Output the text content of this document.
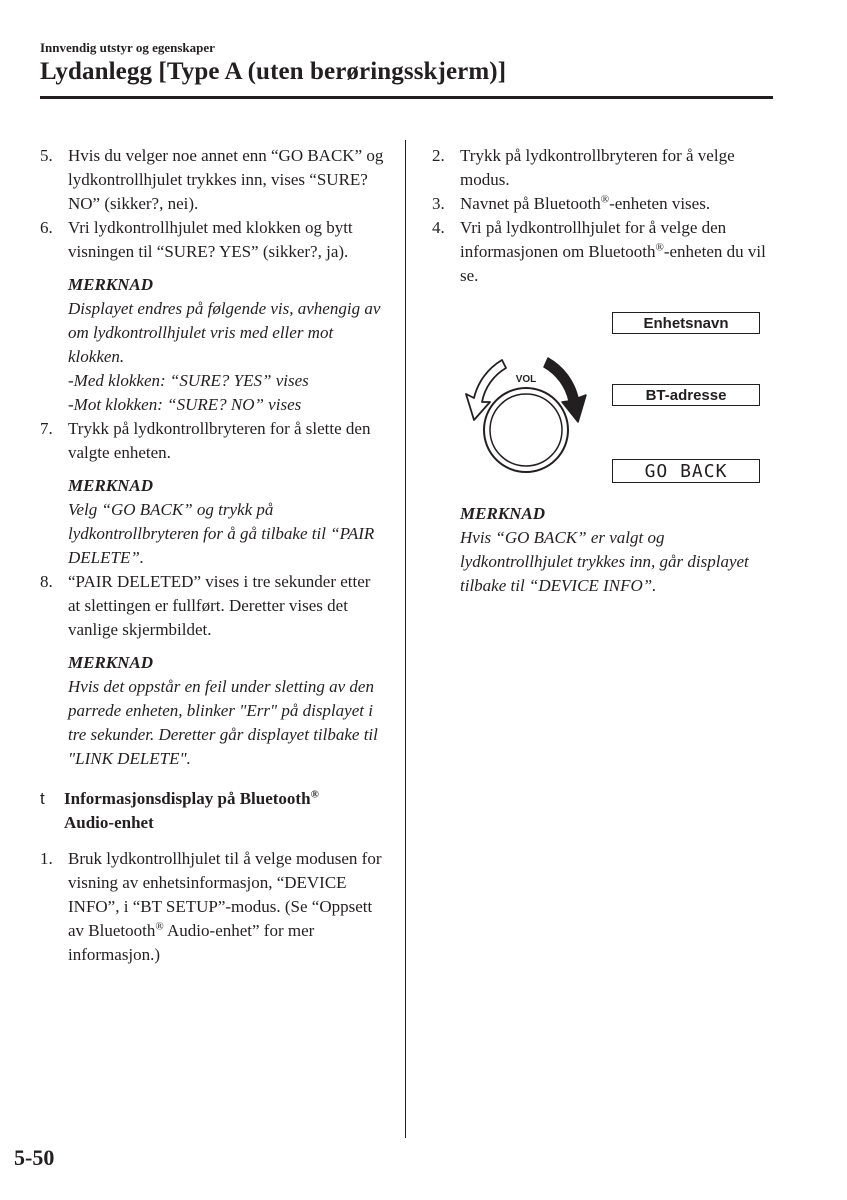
Innvendig utstyr og egenskaper
Lydanlegg [Type A (uten berøringsskjerm)]
5. Hvis du velger noe annet enn “GO BACK” og lydkontrollhjulet trykkes inn, vises “SURE? NO” (sikker?, nei).
6. Vri lydkontrollhjulet med klokken og bytt visningen til “SURE? YES” (sikker?, ja).
MERKNAD
Displayet endres på følgende vis, avhengig av om lydkontrollhjulet vris med eller mot klokken.
-Med klokken: “SURE? YES” vises
-Mot klokken: “SURE? NO” vises
7. Trykk på lydkontrollbryteren for å slette den valgte enheten.
MERKNAD
Velg “GO BACK” og trykk på lydkontrollbryteren for å gå tilbake til “PAIR DELETE”.
8. “PAIR DELETED” vises i tre sekunder etter at slettingen er fullført. Deretter vises det vanlige skjermbildet.
MERKNAD
Hvis det oppstår en feil under sletting av den parrede enheten, blinker "Err" på displayet i tre sekunder. Deretter går displayet tilbake til "LINK DELETE".
t	Informasjonsdisplay på Bluetooth®
Audio-enhet
1. Bruk lydkontrollhjulet til å velge modusen for visning av enhetsinformasjon, “DEVICE INFO”, i “BT SETUP”-modus. (Se “Oppsett av Bluetooth® Audio-enhet” for mer informasjon.)
2. Trykk på lydkontrollbryteren for å velge modus.
3. Navnet på Bluetooth®-enheten vises.
4. Vri på lydkontrollhjulet for å velge den informasjonen om Bluetooth®-enheten du vil se.
MERKNAD
Hvis “GO BACK” er valgt og lydkontrollhjulet trykkes inn, går displayet tilbake til “DEVICE INFO”.
VOL
Enhetsnavn
BT-adresse
GO BACK
5-50
